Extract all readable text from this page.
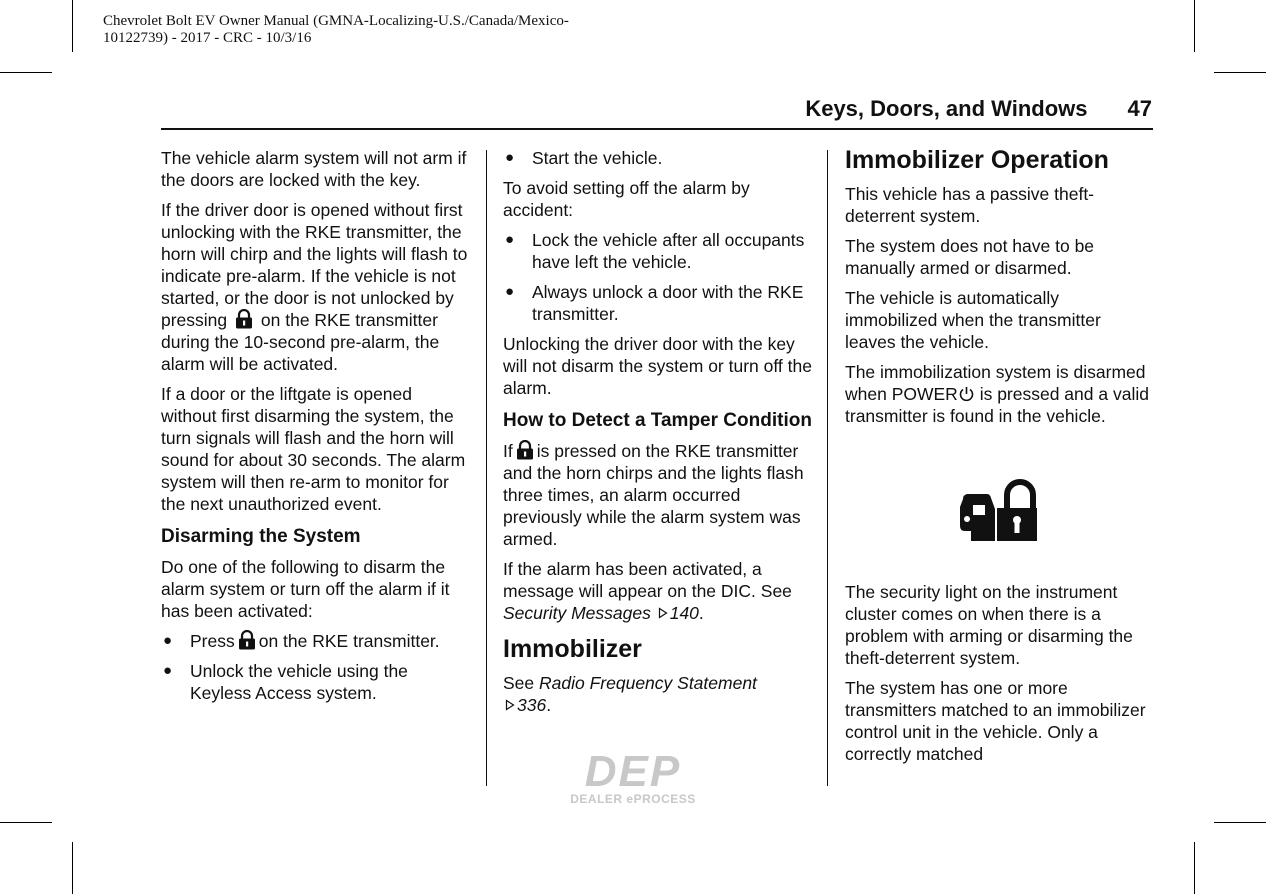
Chevrolet Bolt EV Owner Manual (GMNA-Localizing-U.S./Canada/Mexico-
10122739) - 2017 - CRC - 10/3/16
Keys, Doors, and Windows 47

The vehicle alarm system will not arm if the doors are locked with the key.

If the driver door is opened without first unlocking with the RKE transmitter, the horn will chirp and the lights will flash to indicate pre-alarm. If the vehicle is not started, or the door is not unlocked by pressing on the RKE transmitter during the 10-second pre-alarm, the alarm will be activated.

If a door or the liftgate is opened without first disarming the system, the turn signals will flash and the horn will sound for about 30 seconds. The alarm system will then re-arm to monitor for the next unauthorized event.

Disarming the System

Do one of the following to disarm the alarm system or turn off the alarm if it has been activated:

● Press on the RKE transmitter.
● Unlock the vehicle using the Keyless Access system.
● Start the vehicle.

To avoid setting off the alarm by accident:

● Lock the vehicle after all occupants have left the vehicle.
● Always unlock a door with the RKE transmitter.

Unlocking the driver door with the key will not disarm the system or turn off the alarm.

How to Detect a Tamper Condition

If is pressed on the RKE transmitter and the horn chirps and the lights flash three times, an alarm occurred previously while the alarm system was armed.

If the alarm has been activated, a message will appear on the DIC. See Security Messages 140.

Immobilizer

See Radio Frequency Statement
336.

Immobilizer Operation

This vehicle has a passive theft-deterrent system.

The system does not have to be manually armed or disarmed.

The vehicle is automatically immobilized when the transmitter leaves the vehicle.

The immobilization system is disarmed when POWER is pressed and a valid transmitter is found in the vehicle.

The security light on the instrument cluster comes on when there is a problem with arming or disarming the theft-deterrent system.

The system has one or more transmitters matched to an immobilizer control unit in the vehicle. Only a correctly matched

DEP
DEALER ePROCESS
